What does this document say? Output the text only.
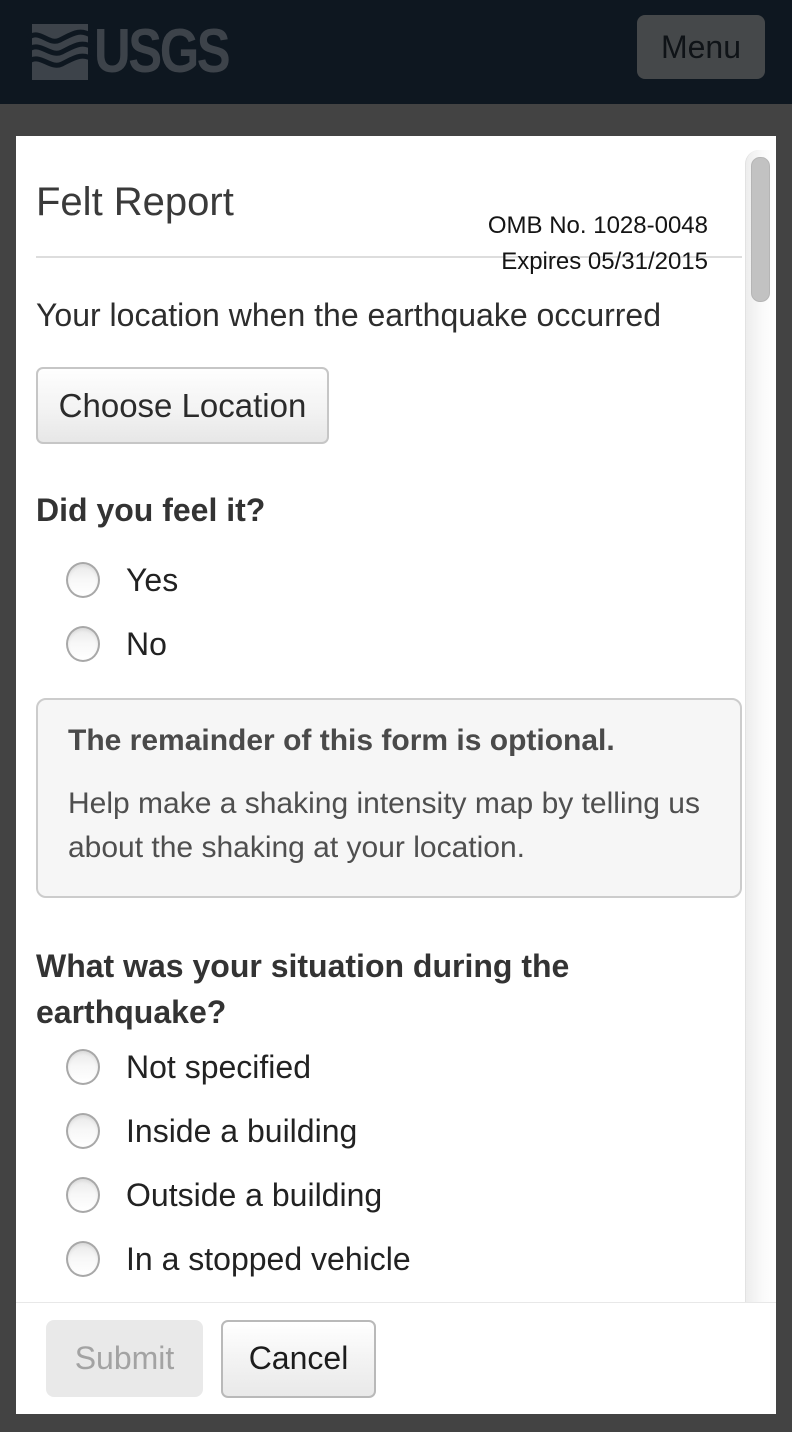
USGS	Menu
Felt Report
OMB No. 1028-0048
Expires 05/31/2015

Your location when the earthquake occurred

Choose Location
Did you feel it?
Yes
No

The remainder of this form is optional.

Help make a shaking intensity map by telling us about the shaking at your location.

What was your situation during the earthquake?
Not specified
Inside a building
Outside a building
In a stopped vehicle
Submit	Cancel
